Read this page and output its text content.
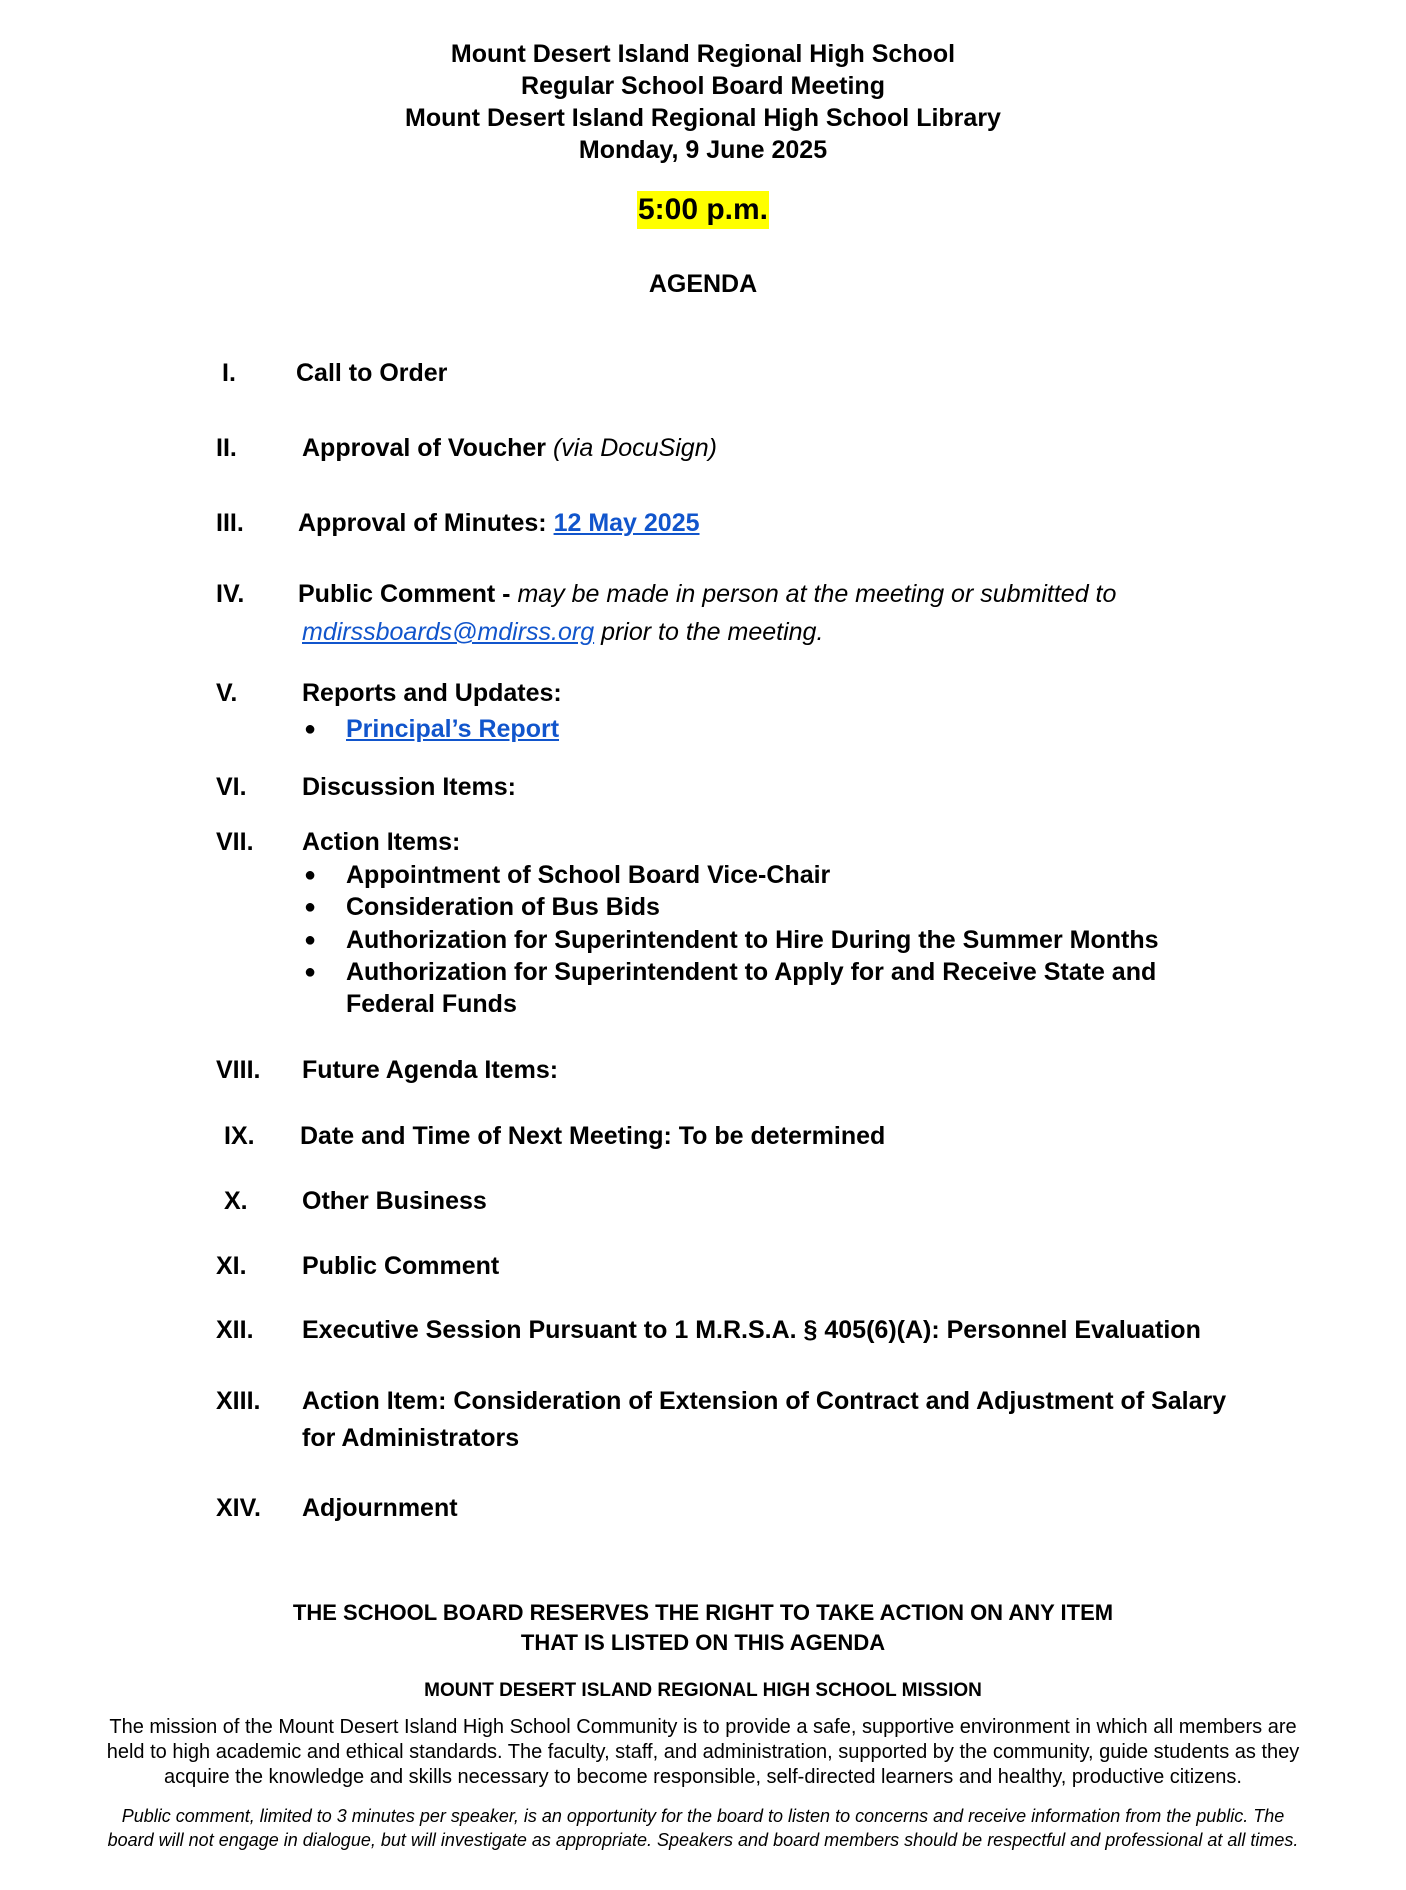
Mount Desert Island Regional High School
Regular School Board Meeting
Mount Desert Island Regional High School Library
Monday, 9 June 2025
5:00 p.m.
AGENDA
I. Call to Order
II.	Approval of Voucher (via DocuSign)
III. Approval of Minutes: 12 May 2025
IV. Public Comment - may be made in person at the meeting or submitted to
mdirssboards@mdirss.org prior to the meeting.
V.	Reports and Updates:
● Principal’s Report
VI. Discussion Items:
VII. Action Items:
● Appointment of School Board Vice-Chair
● Consideration of Bus Bids
● Authorization for Superintendent to Hire During the Summer Months
● Authorization for Superintendent to Apply for and Receive State and
Federal Funds
VIII. Future Agenda Items:
IX. Date and Time of Next Meeting: To be determined
X. Other Business
XI. Public Comment
XII. Executive Session Pursuant to 1 M.R.S.A. § 405(6)(A): Personnel Evaluation
XIII. Action Item: Consideration of Extension of Contract and Adjustment of Salary
for Administrators
XIV. Adjournment
THE SCHOOL BOARD RESERVES THE RIGHT TO TAKE ACTION ON ANY ITEM
THAT IS LISTED ON THIS AGENDA
MOUNT DESERT ISLAND REGIONAL HIGH SCHOOL MISSION
The mission of the Mount Desert Island High School Community is to provide a safe, supportive environment in which all members are
held to high academic and ethical standards. The faculty, staff, and administration, supported by the community, guide students as they
acquire the knowledge and skills necessary to become responsible, self-directed learners and healthy, productive citizens.
Public comment, limited to 3 minutes per speaker, is an opportunity for the board to listen to concerns and receive information from the public. The
board will not engage in dialogue, but will investigate as appropriate. Speakers and board members should be respectful and professional at all times.
